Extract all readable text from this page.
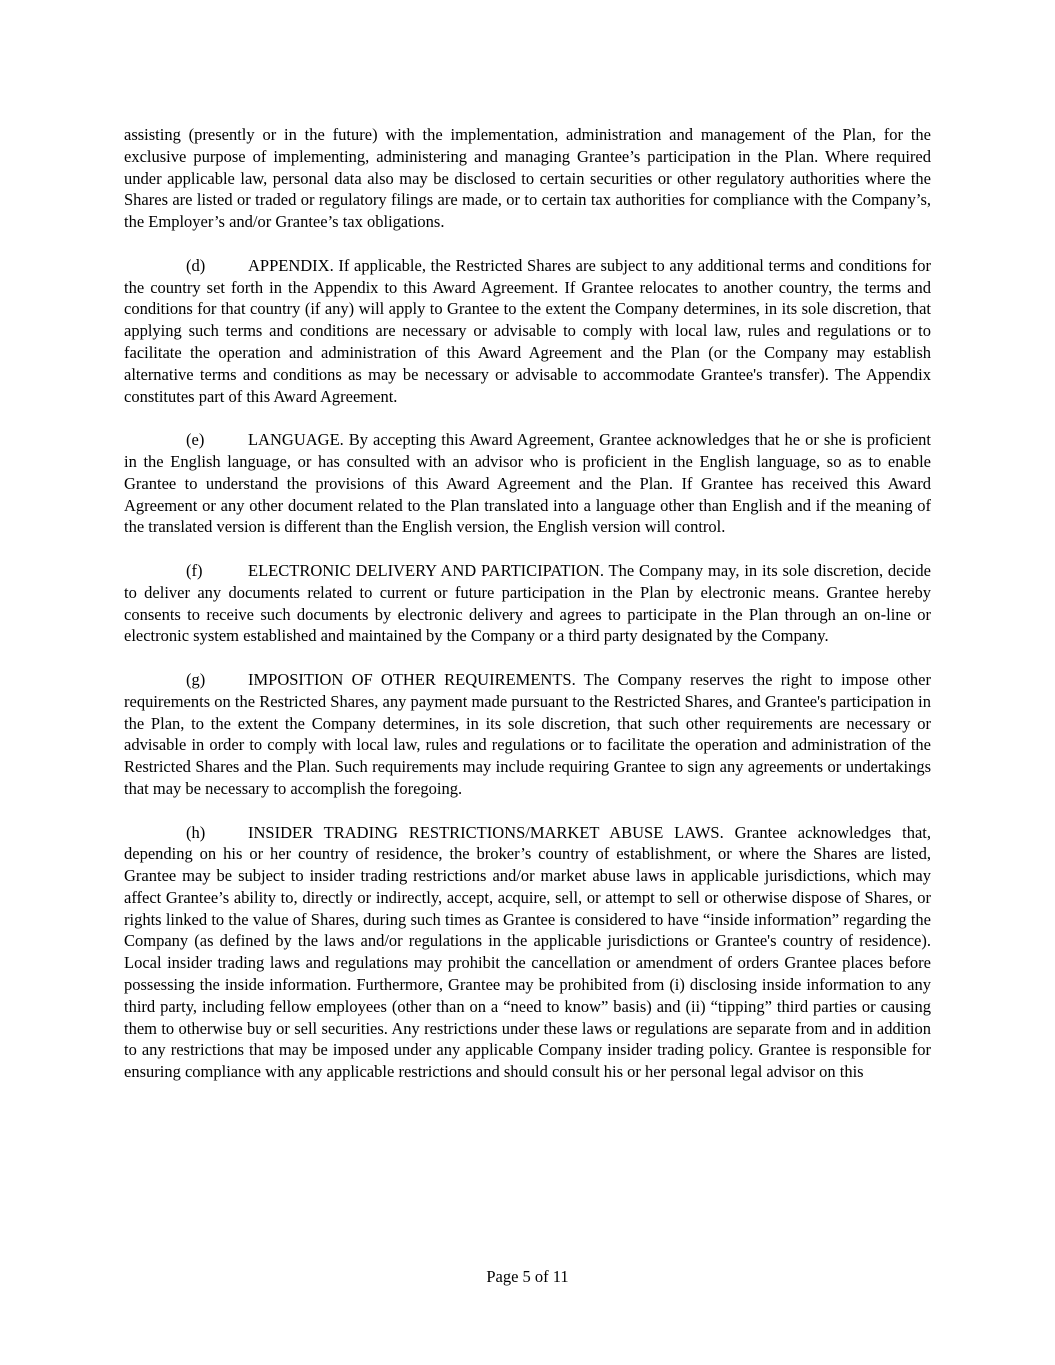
assisting (presently or in the future) with the implementation, administration and management of the Plan, for the exclusive purpose of implementing, administering and managing Grantee’s participation in the Plan. Where required under applicable law, personal data also may be disclosed to certain securities or other regulatory authorities where the Shares are listed or traded or regulatory filings are made, or to certain tax authorities for compliance with the Company’s, the Employer’s and/or Grantee’s tax obligations.

(d)	APPENDIX. If applicable, the Restricted Shares are subject to any additional terms and conditions for the country set forth in the Appendix to this Award Agreement. If Grantee relocates to another country, the terms and conditions for that country (if any) will apply to Grantee to the extent the Company determines, in its sole discretion, that applying such terms and conditions are necessary or advisable to comply with local law, rules and regulations or to facilitate the operation and administration of this Award Agreement and the Plan (or the Company may establish alternative terms and conditions as may be necessary or advisable to accommodate Grantee's transfer). The Appendix constitutes part of this Award Agreement.

(e)	LANGUAGE. By accepting this Award Agreement, Grantee acknowledges that he or she is proficient in the English language, or has consulted with an advisor who is proficient in the English language, so as to enable Grantee to understand the provisions of this Award Agreement and the Plan. If Grantee has received this Award Agreement or any other document related to the Plan translated into a language other than English and if the meaning of the translated version is different than the English version, the English version will control.

(f)	ELECTRONIC DELIVERY AND PARTICIPATION. The Company may, in its sole discretion, decide to deliver any documents related to current or future participation in the Plan by electronic means. Grantee hereby consents to receive such documents by electronic delivery and agrees to participate in the Plan through an on-line or electronic system established and maintained by the Company or a third party designated by the Company.

(g)	IMPOSITION OF OTHER REQUIREMENTS. The Company reserves the right to impose other requirements on the Restricted Shares, any payment made pursuant to the Restricted Shares, and Grantee's participation in the Plan, to the extent the Company determines, in its sole discretion, that such other requirements are necessary or advisable in order to comply with local law, rules and regulations or to facilitate the operation and administration of the Restricted Shares and the Plan. Such requirements may include requiring Grantee to sign any agreements or undertakings that may be necessary to accomplish the foregoing.

(h)	INSIDER TRADING RESTRICTIONS/MARKET ABUSE LAWS. Grantee acknowledges that, depending on his or her country of residence, the broker’s country of establishment, or where the Shares are listed, Grantee may be subject to insider trading restrictions and/or market abuse laws in applicable jurisdictions, which may affect Grantee’s ability to, directly or indirectly, accept, acquire, sell, or attempt to sell or otherwise dispose of Shares, or rights linked to the value of Shares, during such times as Grantee is considered to have “inside information” regarding the Company (as defined by the laws and/or regulations in the applicable jurisdictions or Grantee's country of residence). Local insider trading laws and regulations may prohibit the cancellation or amendment of orders Grantee places before possessing the inside information. Furthermore, Grantee may be prohibited from (i) disclosing inside information to any third party, including fellow employees (other than on a “need to know” basis) and (ii) “tipping” third parties or causing them to otherwise buy or sell securities. Any restrictions under these laws or regulations are separate from and in addition to any restrictions that may be imposed under any applicable Company insider trading policy. Grantee is responsible for ensuring compliance with any applicable restrictions and should consult his or her personal legal advisor on this

Page 5 of 11
